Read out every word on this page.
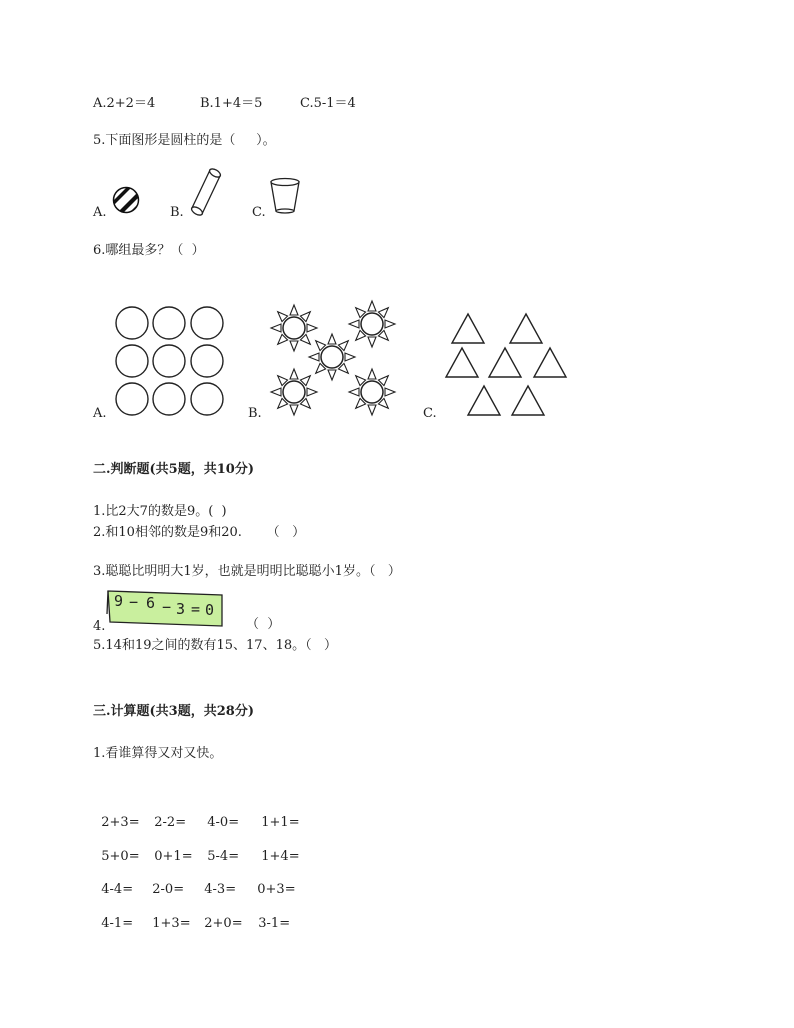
A.2+2＝4	B.1+4＝5	C.5-1＝4
5.下面图形是圆柱的是（     ）。
A.	B.	C.
6.哪组最多？（  ）
A.	B.	C.
二.判断题(共5题，共10分)
1.比2大7的数是9。(  )
2.和10相邻的数是9和20.      （   ）
3.聪聪比明明大1岁，也就是明明比聪聪小1岁。（   ）
4.	（  ）
5.14和19之间的数有15、17、18。（   ）
9 − 6 − 3 = 0
三.计算题(共3题，共28分)
1.看谁算得又对又快。

2+3= 2-2= 4-0= 1+1=

5+0= 0+1= 5-4= 1+4=

4-4= 2-0= 4-3= 0+3=

4-1= 1+3= 2+0= 3-1=
